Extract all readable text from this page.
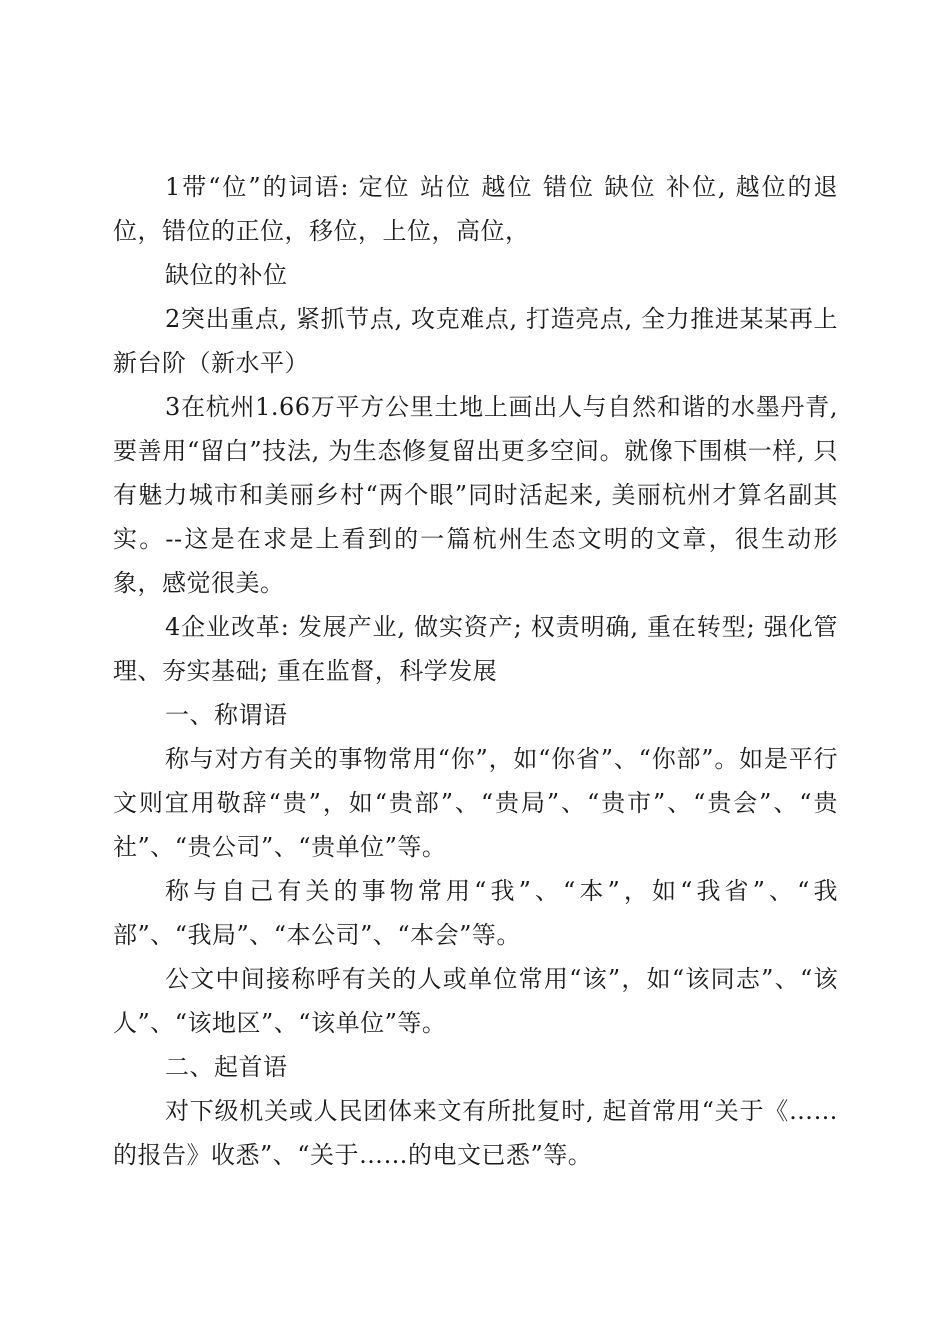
1带“位”的词语: 定位 站位 越位 错位 缺位 补位, 越位的退位，错位的正位，移位，上位，高位，

缺位的补位

2突出重点, 紧抓节点, 攻克难点, 打造亮点, 全力推进某某再上新台阶（新水平）

3在杭州1.66万平方公里土地上画出人与自然和谐的水墨丹青, 要善用“留白”技法, 为生态修复留出更多空间。就像下围棋一样, 只有魅力城市和美丽乡村“两个眼”同时活起来, 美丽杭州才算名副其实。--这是在求是上看到的一篇杭州生态文明的文章，很生动形象，感觉很美。

4企业改革: 发展产业, 做实资产; 权责明确, 重在转型; 强化管理、夯实基础; 重在监督，科学发展

一、称谓语

称与对方有关的事物常用“你”，如“你省”、“你部”。如是平行文则宜用敬辞“贵”，如“贵部”、“贵局”、“贵市”、“贵会”、“贵社”、“贵公司”、“贵单位”等。

称与自己有关的事物常用“我”、“本”，如“我省”、“我部”、“我局”、“本公司”、“本会”等。

公文中间接称呼有关的人或单位常用“该”，如“该同志”、“该人”、“该地区”、“该单位”等。

二、起首语

对下级机关或人民团体来文有所批复时, 起首常用“关于《……的报告》收悉”、“关于……的电文已悉”等。
